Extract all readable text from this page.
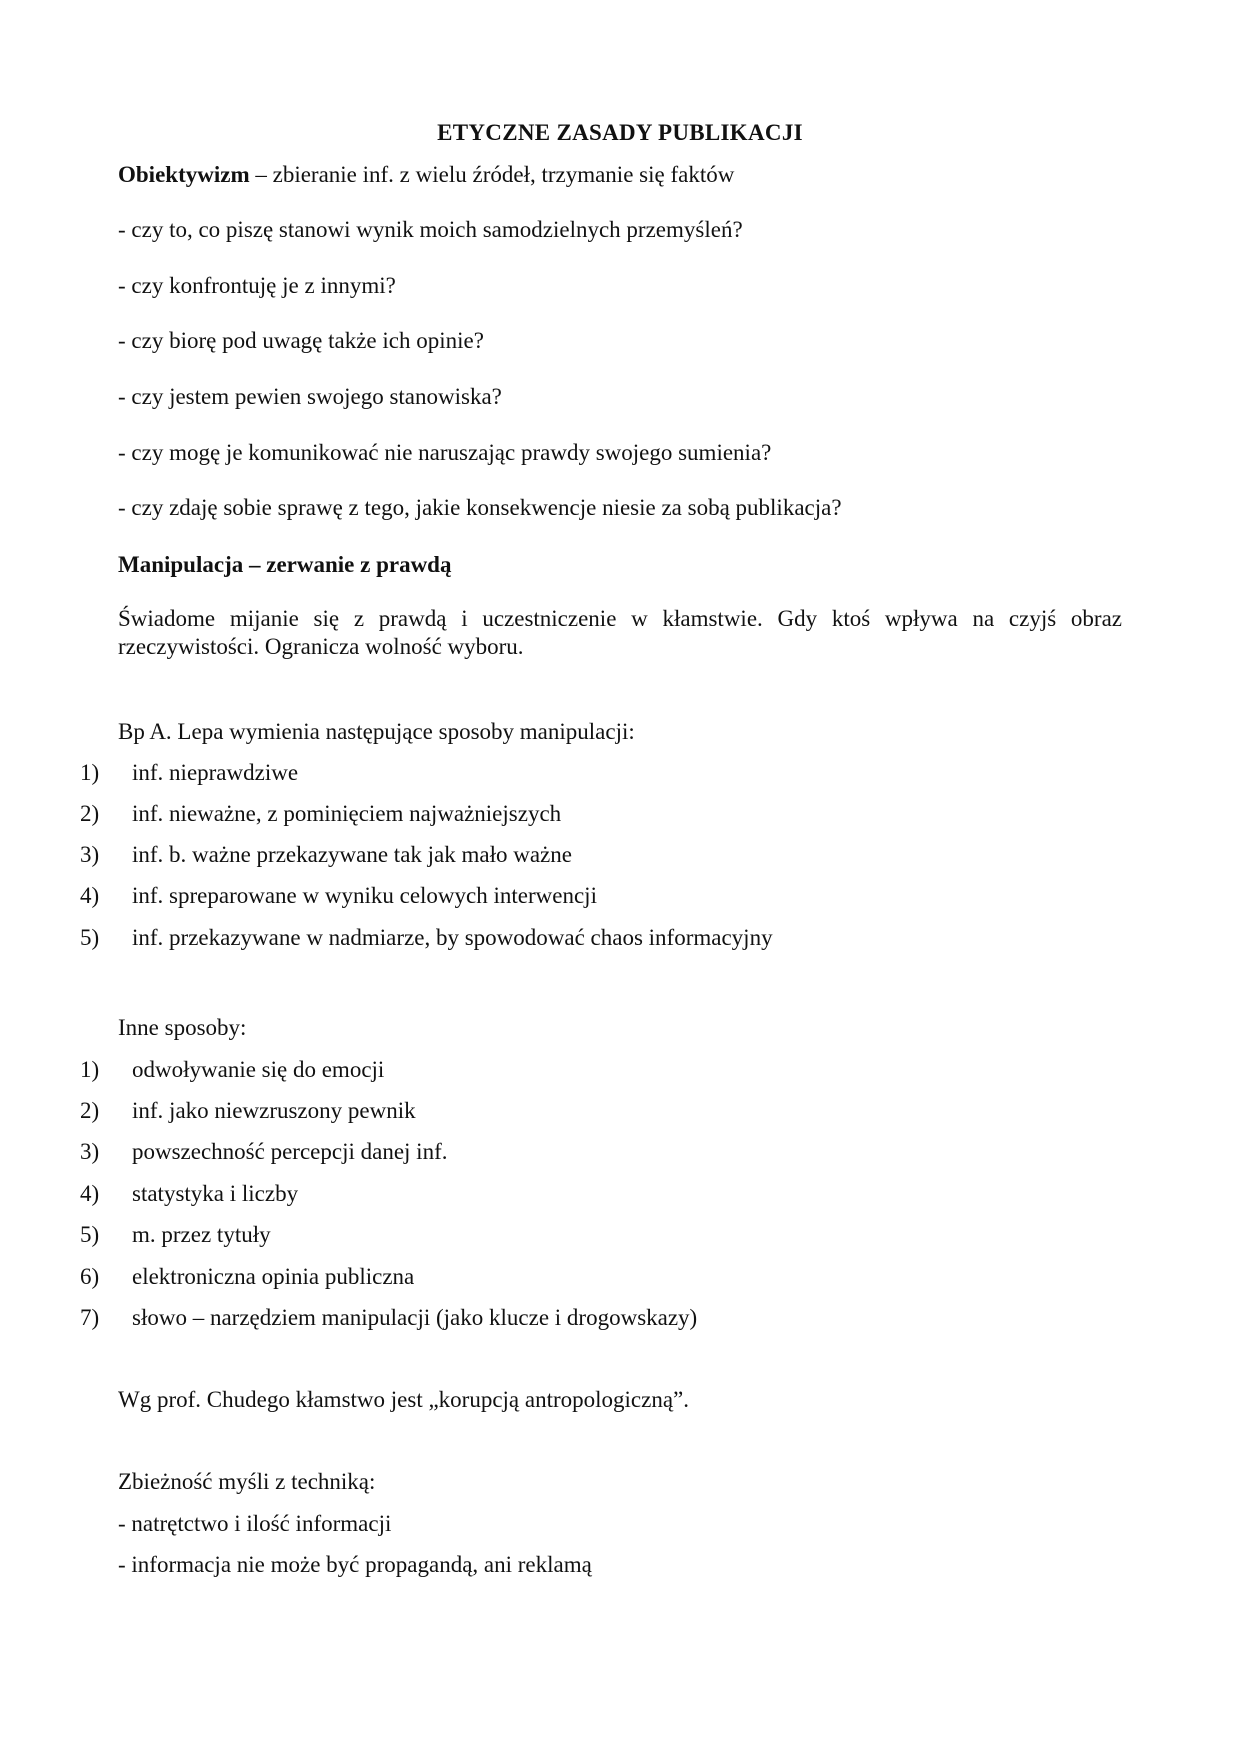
ETYCZNE ZASADY PUBLIKACJI
Obiektywizm – zbieranie inf. z wielu źródeł, trzymanie się faktów
- czy to, co piszę stanowi wynik moich samodzielnych przemyśleń?
- czy konfrontuję je z innymi?
- czy biorę pod uwagę także ich opinie?
- czy jestem pewien swojego stanowiska?
- czy mogę je komunikować nie naruszając prawdy swojego sumienia?
- czy zdaję sobie sprawę z tego, jakie konsekwencje niesie za sobą publikacja?
Manipulacja – zerwanie z prawdą
Świadome mijanie się z prawdą i uczestniczenie w kłamstwie. Gdy ktoś wpływa na czyjś obraz rzeczywistości. Ogranicza wolność wyboru.
Bp A. Lepa wymienia następujące sposoby manipulacji:
1) inf. nieprawdziwe
2) inf. nieważne, z pominięciem najważniejszych
3) inf. b. ważne przekazywane tak jak mało ważne
4) inf. spreparowane w wyniku celowych interwencji
5) inf. przekazywane w nadmiarze, by spowodować chaos informacyjny
Inne sposoby:
1) odwoływanie się do emocji
2) inf. jako niewzruszony pewnik
3) powszechność percepcji danej inf.
4) statystyka i liczby
5) m. przez tytuły
6) elektroniczna opinia publiczna
7) słowo – narzędziem manipulacji (jako klucze i drogowskazy)
Wg prof. Chudego kłamstwo jest „korupcją antropologiczną”.
Zbieżność myśli z techniką:
- natrętctwo i ilość informacji
- informacja nie może być propagandą, ani reklamą
